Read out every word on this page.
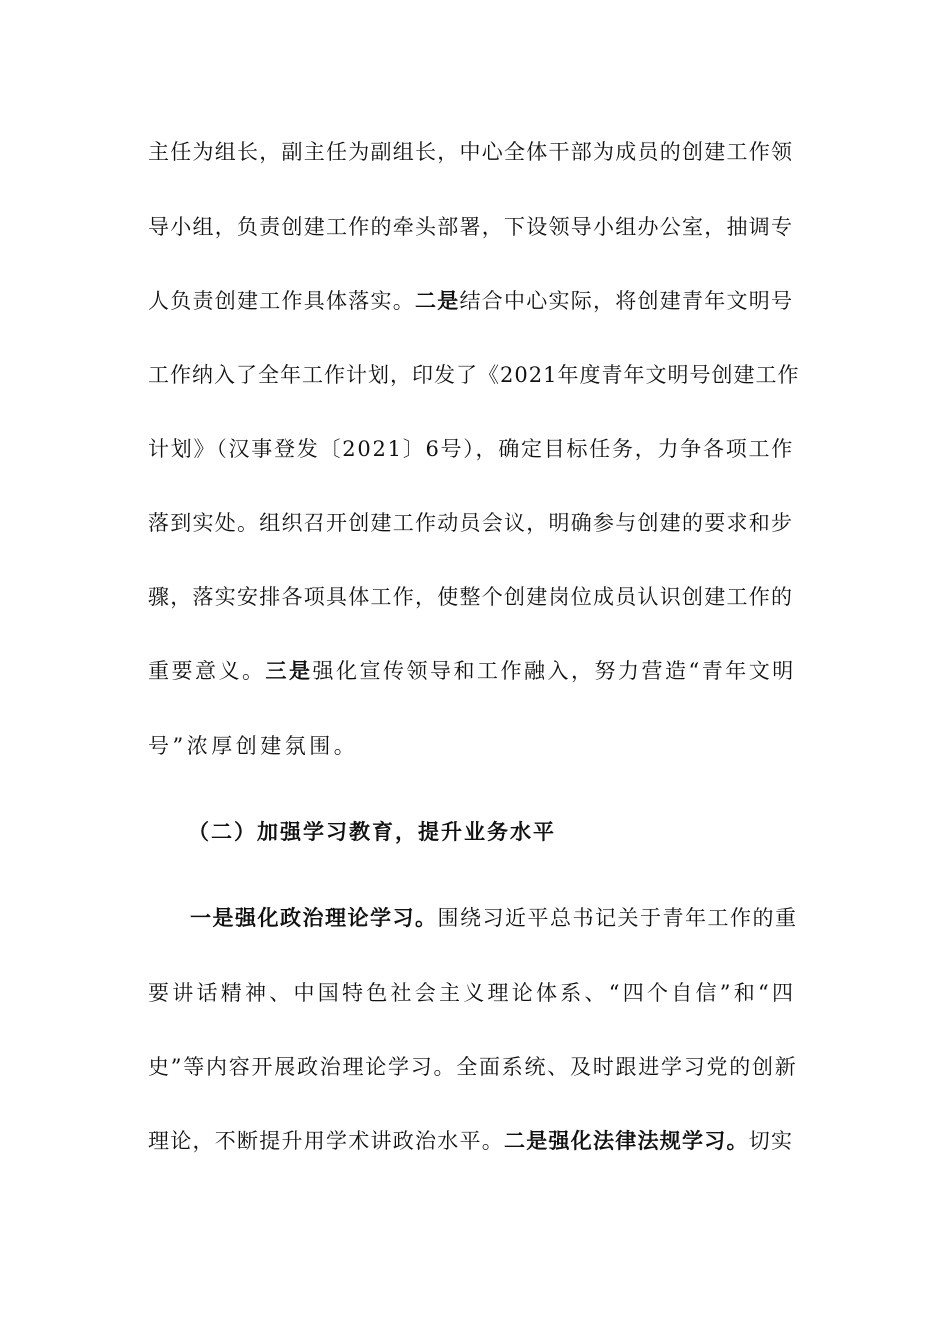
主任为组长，副主任为副组长，中心全体干部为成员的创建工作领
导小组，负责创建工作的牵头部署，下设领导小组办公室，抽调专
人负责创建工作具体落实。二是结合中心实际，将创建青年文明号
工作纳入了全年工作计划，印发了《2021年度青年文明号创建工作
计划》（汉事登发〔2021〕6号），确定目标任务，力争各项工作
落到实处。组织召开创建工作动员会议，明确参与创建的要求和步
骤，落实安排各项具体工作，使整个创建岗位成员认识创建工作的
重要意义。三是强化宣传领导和工作融入，努力营造“青年文明
号”浓厚创建氛围。
（二）加强学习教育，提升业务水平
一是强化政治理论学习。围绕习近平总书记关于青年工作的重
要讲话精神、中国特色社会主义理论体系、“四个自信”和“四
史”等内容开展政治理论学习。全面系统、及时跟进学习党的创新
理论，不断提升用学术讲政治水平。二是强化法律法规学习。切实
